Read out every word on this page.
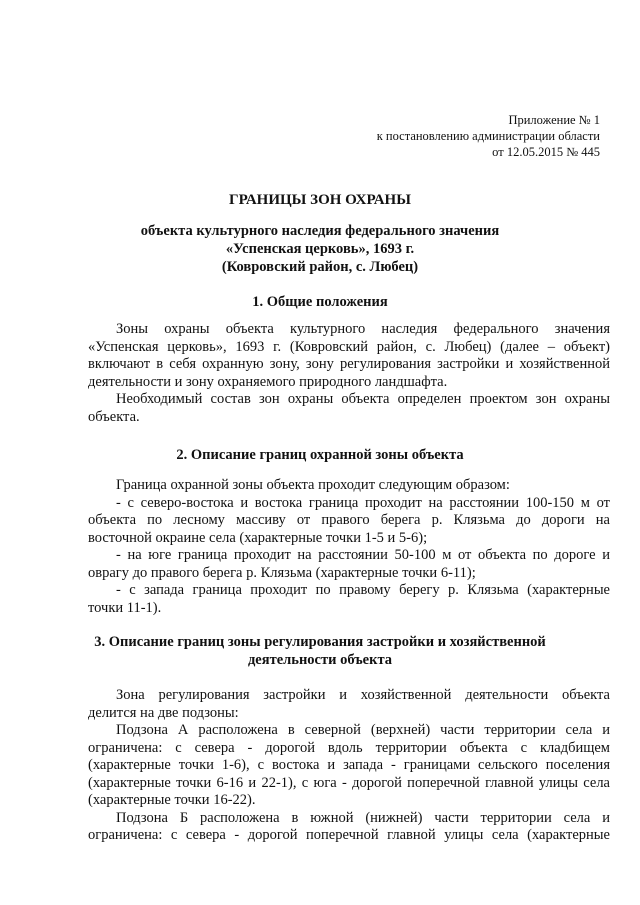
Приложение № 1
к постановлению администрации области
от 12.05.2015 № 445
ГРАНИЦЫ ЗОН ОХРАНЫ
объекта культурного наследия федерального значения
«Успенская церковь», 1693 г.
(Ковровский район, с. Любец)
1. Общие положения
Зоны охраны объекта культурного наследия федерального значения
«Успенская церковь», 1693 г. (Ковровский район, с. Любец) (далее – объект)
включают в себя охранную зону, зону регулирования застройки и хозяйственной
деятельности и зону охраняемого природного ландшафта.
Необходимый состав зон охраны объекта определен проектом зон охраны
объекта.
2. Описание границ охранной зоны объекта
Граница охранной зоны объекта проходит следующим образом:
- с северо-востока и востока граница проходит на расстоянии 100-150 м от
объекта по лесному массиву от правого берега р. Клязьма до дороги на
восточной окраине села (характерные точки 1-5 и 5-6);
- на юге граница проходит на расстоянии 50-100 м от объекта по дороге и
оврагу до правого берега р. Клязьма (характерные точки 6-11);
- с запада граница проходит по правому берегу р. Клязьма (характерные
точки 11-1).
3. Описание границ зоны регулирования застройки и хозяйственной
деятельности объекта
Зона регулирования застройки и хозяйственной деятельности объекта
делится на две подзоны:
Подзона А расположена в северной (верхней) части территории села и
ограничена: с севера - дорогой вдоль территории объекта с кладбищем
(характерные точки 1-6), с востока и запада - границами сельского поселения
(характерные точки 6-16 и 22-1), с юга - дорогой поперечной главной улицы села
(характерные точки 16-22).
Подзона Б расположена в южной (нижней) части территории села и
ограничена: с севера - дорогой поперечной главной улицы села (характерные
